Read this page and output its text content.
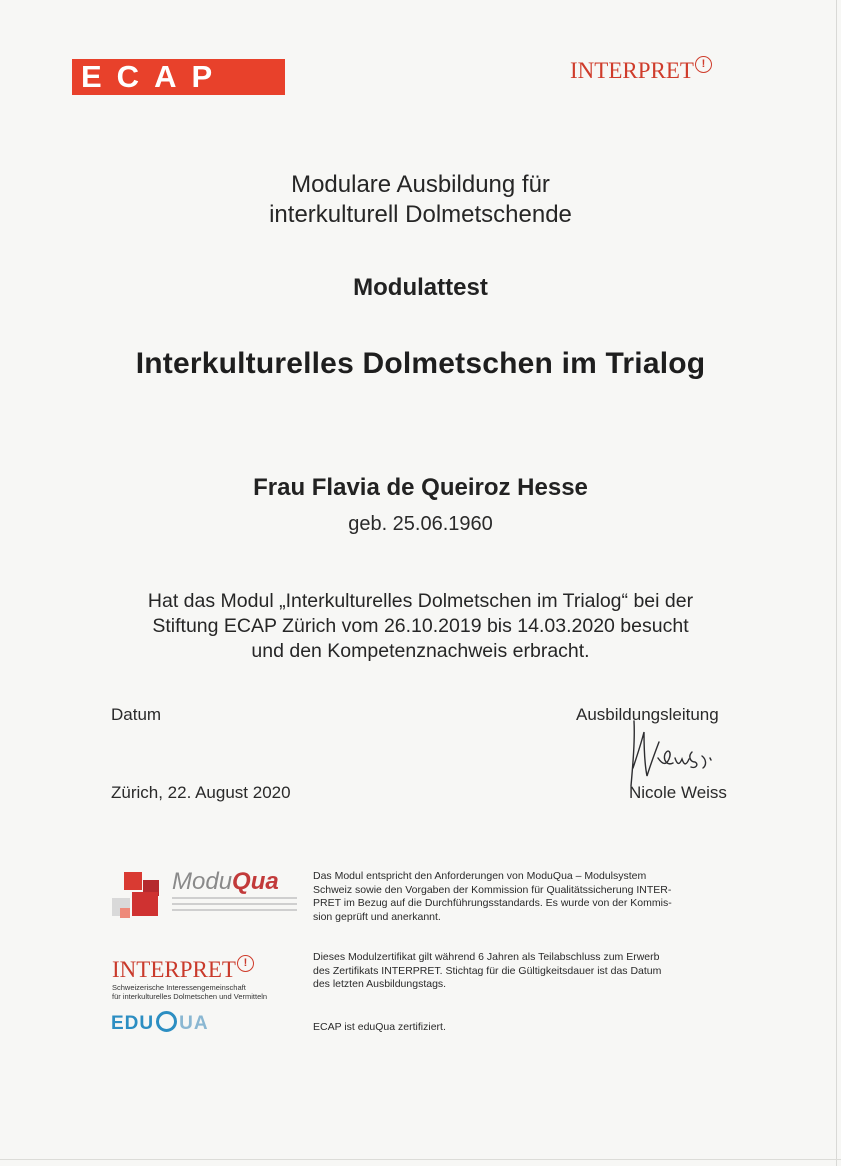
ECAP	INTERPRET !
Modulare Ausbildung für
interkulturell Dolmetschende
Modulattest
Interkulturelles Dolmetschen im Trialog
Frau Flavia de Queiroz Hesse
geb. 25.06.1960
Hat das Modul „Interkulturelles Dolmetschen im Trialog“ bei der
Stiftung ECAP Zürich vom 26.10.2019 bis 14.03.2020 besucht
und den Kompetenznachweis erbracht.
Datum	Ausbildungsleitung
Zürich, 22. August 2020	Nicole Weiss
ModuQua	Das Modul entspricht den Anforderungen von ModuQua – Modulsystem
Schweiz sowie den Vorgaben der Kommission für Qualitätssicherung INTER-
PRET im Bezug auf die Durchführungsstandards. Es wurde von der Kommis-
sion geprüft und anerkannt.
INTERPRET !
Schweizerische Interessengemeinschaft
für interkulturelles Dolmetschen und Vermitteln
Dieses Modulzertifikat gilt während 6 Jahren als Teilabschluss zum Erwerb
des Zertifikats INTERPRET. Stichtag für die Gültigkeitsdauer ist das Datum
des letzten Ausbildungstags.
EDU UA	ECAP ist eduQua zertifiziert.
